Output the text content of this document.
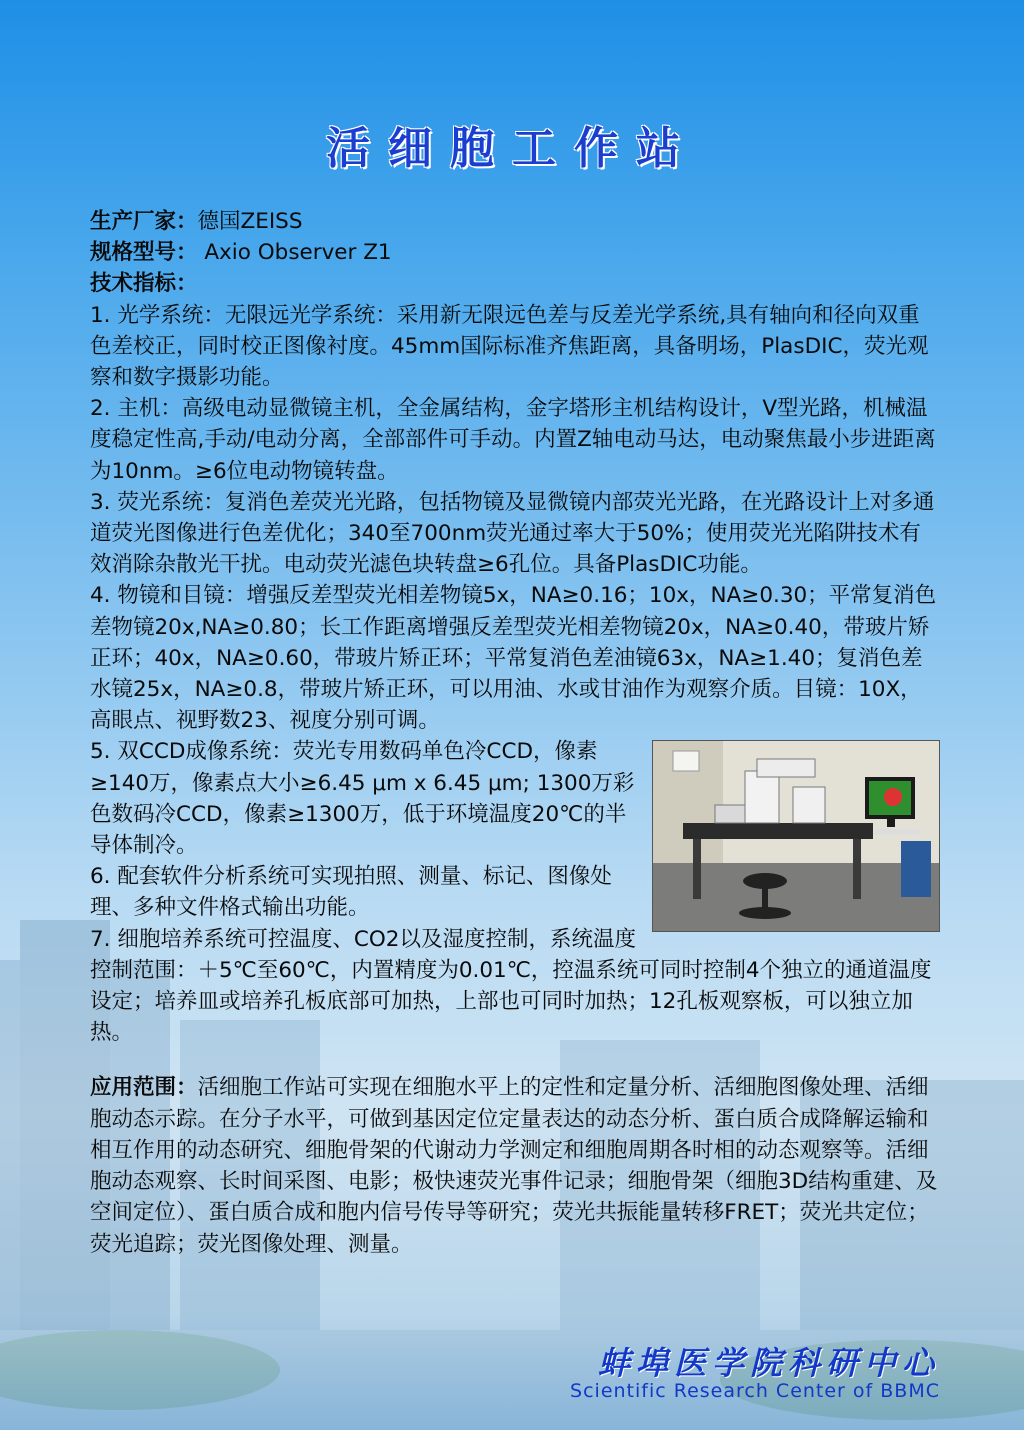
活细胞工作站

生产厂家：德国ZEISS

规格型号： Axio Observer Z1

技术指标：

1. 光学系统：无限远光学系统：采用新无限远色差与反差光学系统,具有轴向和径向双重色差校正，同时校正图像衬度。45mm国际标准齐焦距离，具备明场，PlasDIC，荧光观察和数字摄影功能。

2. 主机：高级电动显微镜主机，全金属结构，金字塔形主机结构设计，V型光路，机械温度稳定性高,手动/电动分离，全部部件可手动。内置Z轴电动马达，电动聚焦最小步进距离为10nm。≥6位电动物镜转盘。

3. 荧光系统：复消色差荧光光路，包括物镜及显微镜内部荧光光路，在光路设计上对多通道荧光图像进行色差优化；340至700nm荧光通过率大于50%；使用荧光光陷阱技术有效消除杂散光干扰。电动荧光滤色块转盘≥6孔位。具备PlasDIC功能。

4. 物镜和目镜：增强反差型荧光相差物镜5x，NA≥0.16；10x，NA≥0.30；平常复消色差物镜20x,NA≥0.80；长工作距离增强反差型荧光相差物镜20x，NA≥0.40，带玻片矫正环；40x，NA≥0.60，带玻片矫正环；平常复消色差油镜63x，NA≥1.40；复消色差水镜25x，NA≥0.8，带玻片矫正环，可以用油、水或甘油作为观察介质。目镜：10X，高眼点、视野数23、视度分别可调。

5. 双CCD成像系统：荧光专用数码单色冷CCD，像素≥140万，像素点大小≥6.45 μm x 6.45 μm; 1300万彩色数码冷CCD，像素≥1300万，低于环境温度20℃的半导体制冷。

6. 配套软件分析系统可实现拍照、测量、标记、图像处理、多种文件格式输出功能。

7. 细胞培养系统可控温度、CO2以及湿度控制，系统温度控制范围：＋5℃至60℃，内置精度为0.01℃，控温系统可同时控制4个独立的通道温度设定；培养皿或培养孔板底部可加热，上部也可同时加热；12孔板观察板，可以独立加热。

应用范围：活细胞工作站可实现在细胞水平上的定性和定量分析、活细胞图像处理、活细胞动态示踪。在分子水平，可做到基因定位定量表达的动态分析、蛋白质合成降解运输和相互作用的动态研究、细胞骨架的代谢动力学测定和细胞周期各时相的动态观察等。活细胞动态观察、长时间采图、电影；极快速荧光事件记录；细胞骨架（细胞3D结构重建、及空间定位）、蛋白质合成和胞内信号传导等研究；荧光共振能量转移FRET；荧光共定位；荧光追踪；荧光图像处理、测量。

蚌埠医学院科研中心
Scientific Research Center of BBMC
